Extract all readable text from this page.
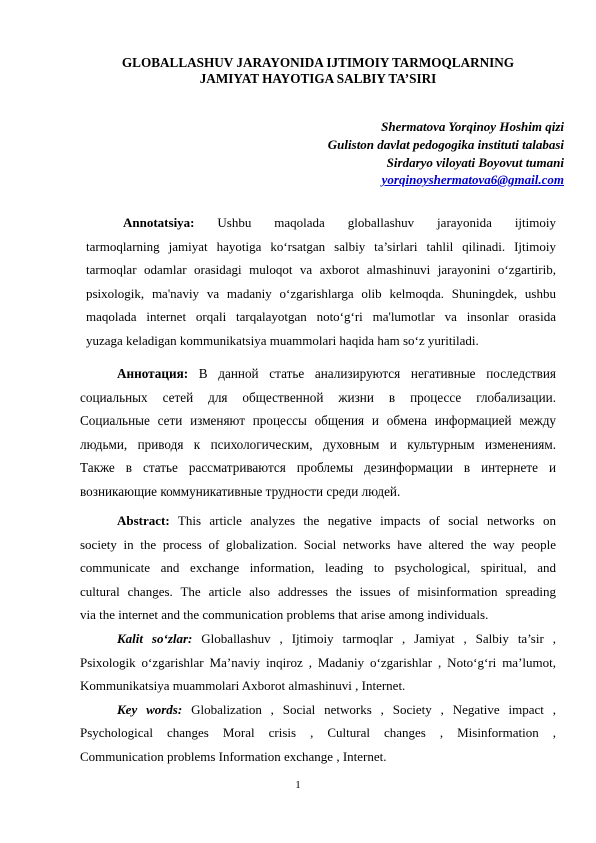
GLOBALLASHUV JARAYONIDA IJTIMOIY TARMOQLARNING
JAMIYAT HAYOTIGA SALBIY TA’SIRI
Shermatova Yorqinoy Hoshim qizi
Guliston davlat pedogogika instituti talabasi
Sirdaryo viloyati Boyovut tumani
yorqinoyshermatova6@gmail.com
Annotatsiya: Ushbu maqolada globallashuv jarayonida ijtimoiy
tarmoqlarning jamiyat hayotiga ko‘rsatgan salbiy ta’sirlari tahlil qilinadi. Ijtimoiy
tarmoqlar odamlar orasidagi muloqot va axborot almashinuvi jarayonini o‘zgartirib,
psixologik, ma'naviy va madaniy o‘zgarishlarga olib kelmoqda. Shuningdek, ushbu
maqolada internet orqali tarqalayotgan noto‘g‘ri ma'lumotlar va insonlar orasida
yuzaga keladigan kommunikatsiya muammolari haqida ham so‘z yuritiladi.
Аннотация: В данной статье анализируются негативные последствия
социальных сетей для общественной жизни в процессе глобализации.
Социальные сети изменяют процессы общения и обмена информацией между
людьми, приводя к психологическим, духовным и культурным изменениям.
Также в статье рассматриваются проблемы дезинформации в интернете и
возникающие коммуникативные трудности среди людей.
Abstract: This article analyzes the negative impacts of social networks on
society in the process of globalization. Social networks have altered the way people
communicate and exchange information, leading to psychological, spiritual, and
cultural changes. The article also addresses the issues of misinformation spreading
via the internet and the communication problems that arise among individuals.
Kalit so‘zlar: Globallashuv , Ijtimoiy tarmoqlar , Jamiyat , Salbiy ta’sir ,
Psixologik o‘zgarishlar Ma’naviy inqiroz , Madaniy o‘zgarishlar , Noto‘g‘ri ma’lumot,
Kommunikatsiya muammolari Axborot almashinuvi , Internet.
Key words: Globalization , Social networks , Society , Negative impact ,
Psychological changes Moral crisis , Cultural changes , Misinformation ,
Communication problems Information exchange , Internet.
1
